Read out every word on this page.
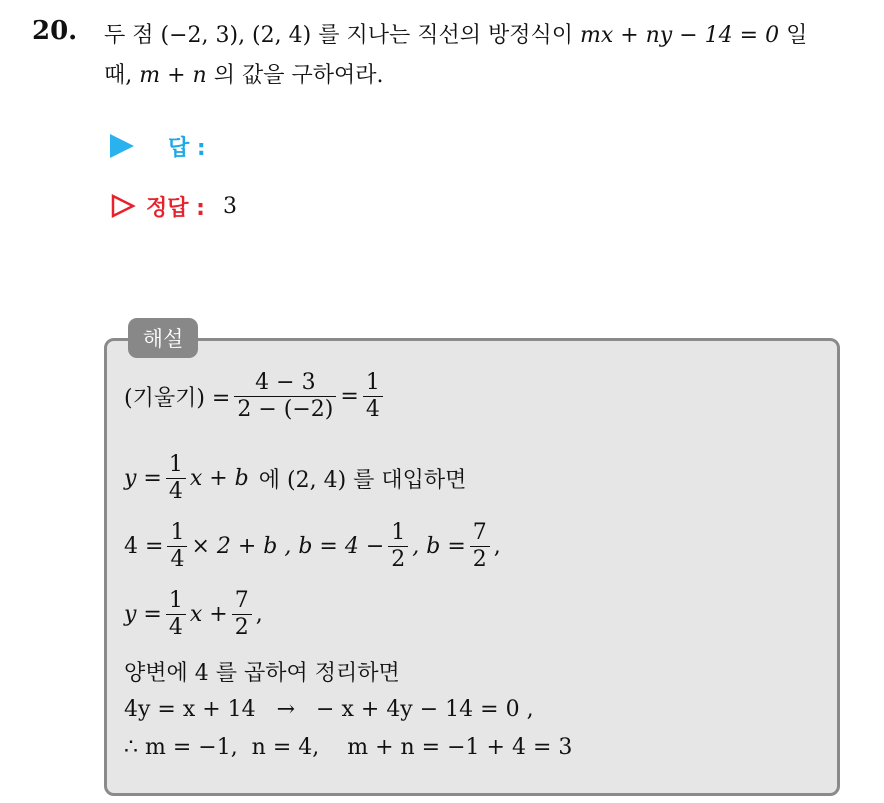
20. 두 점 (−2, 3), (2, 4) 를 지나는 직선의 방정식이 mx + ny − 14 = 0 일
때, m + n 의 값을 구하여라.
답 :
정답 : 3
해설
(기울기) = $\frac{4 - 3}{2 - (-2)} = \frac{1}{4}$
$y = \frac{1}{4}$ x + b 에 (2, 4) 를 대입하면
$4 = \frac{1}{4} \times 2 + b$ , $b = 4 - \frac{1}{2}$ , $b = \frac{7}{2}$ ,
$y = \frac{1}{4}$ $x + \frac{7}{2}$ ,
양변에 4 를 곱하여 정리하면
4y = x + 14   →   − x + 4y − 14 = 0 ,
∴ m = −1,  n = 4,    m + n = −1 + 4 = 3
